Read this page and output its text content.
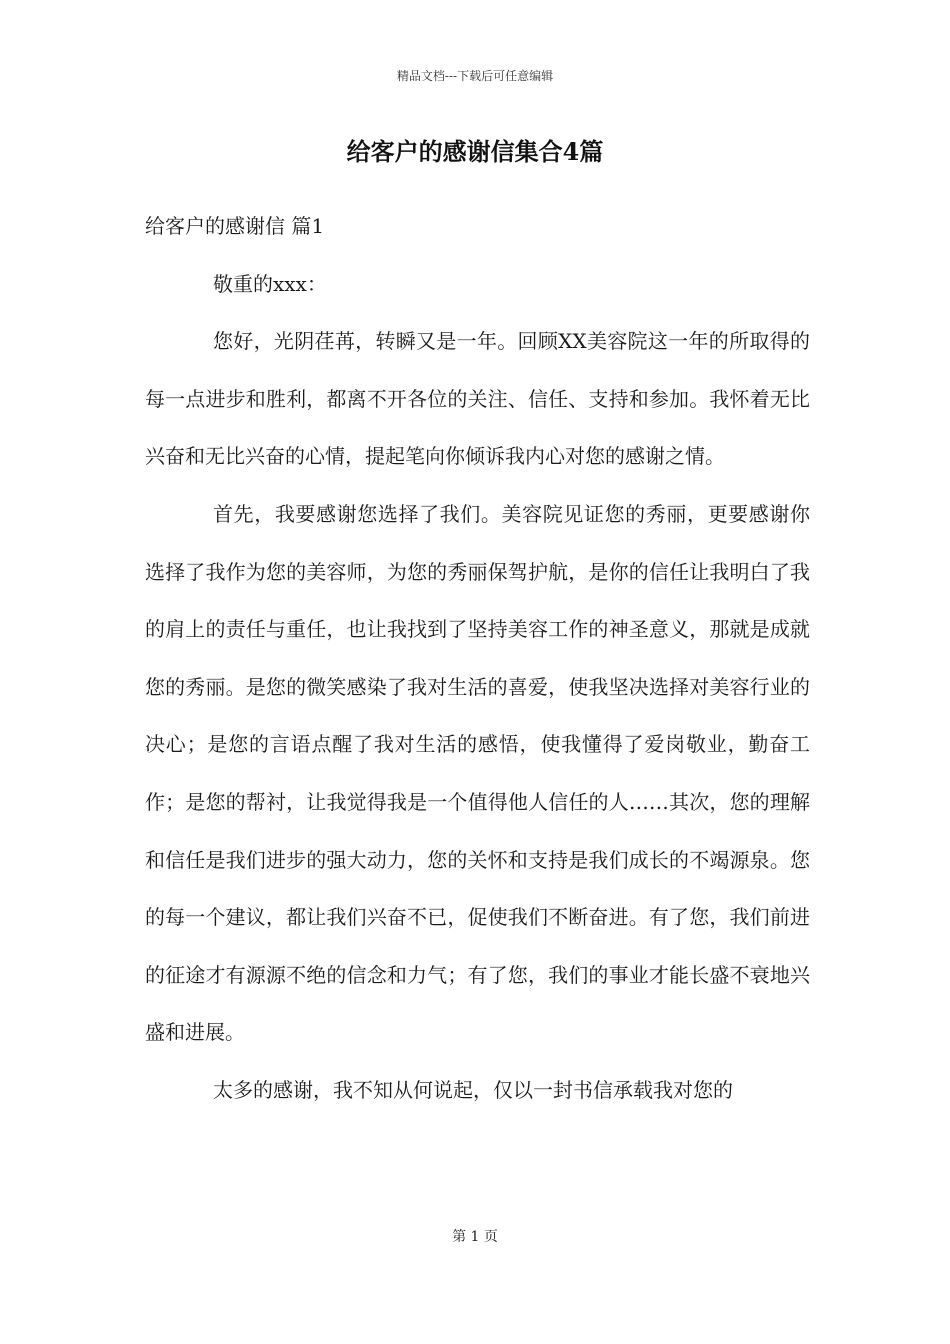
精品文档---下载后可任意编辑
给客户的感谢信集合4篇

给客户的感谢信 篇1

敬重的xxx：

您好，光阴荏苒，转瞬又是一年。回顾XX美容院这一年的所取得的每一点进步和胜利，都离不开各位的关注、信任、支持和参加。我怀着无比兴奋和无比兴奋的心情，提起笔向你倾诉我内心对您的感谢之情。

首先，我要感谢您选择了我们。美容院见证您的秀丽，更要感谢你选择了我作为您的美容师，为您的秀丽保驾护航，是你的信任让我明白了我的肩上的责任与重任，也让我找到了坚持美容工作的神圣意义，那就是成就您的秀丽。是您的微笑感染了我对生活的喜爱，使我坚决选择对美容行业的决心；是您的言语点醒了我对生活的感悟，使我懂得了爱岗敬业，勤奋工作；是您的帮衬，让我觉得我是一个值得他人信任的人……其次，您的理解和信任是我们进步的强大动力，您的关怀和支持是我们成长的不竭源泉。您的每一个建议，都让我们兴奋不已，促使我们不断奋进。有了您，我们前进的征途才有源源不绝的信念和力气；有了您，我们的事业才能长盛不衰地兴盛和进展。

太多的感谢，我不知从何说起，仅以一封书信承载我对您的

第 1 页
